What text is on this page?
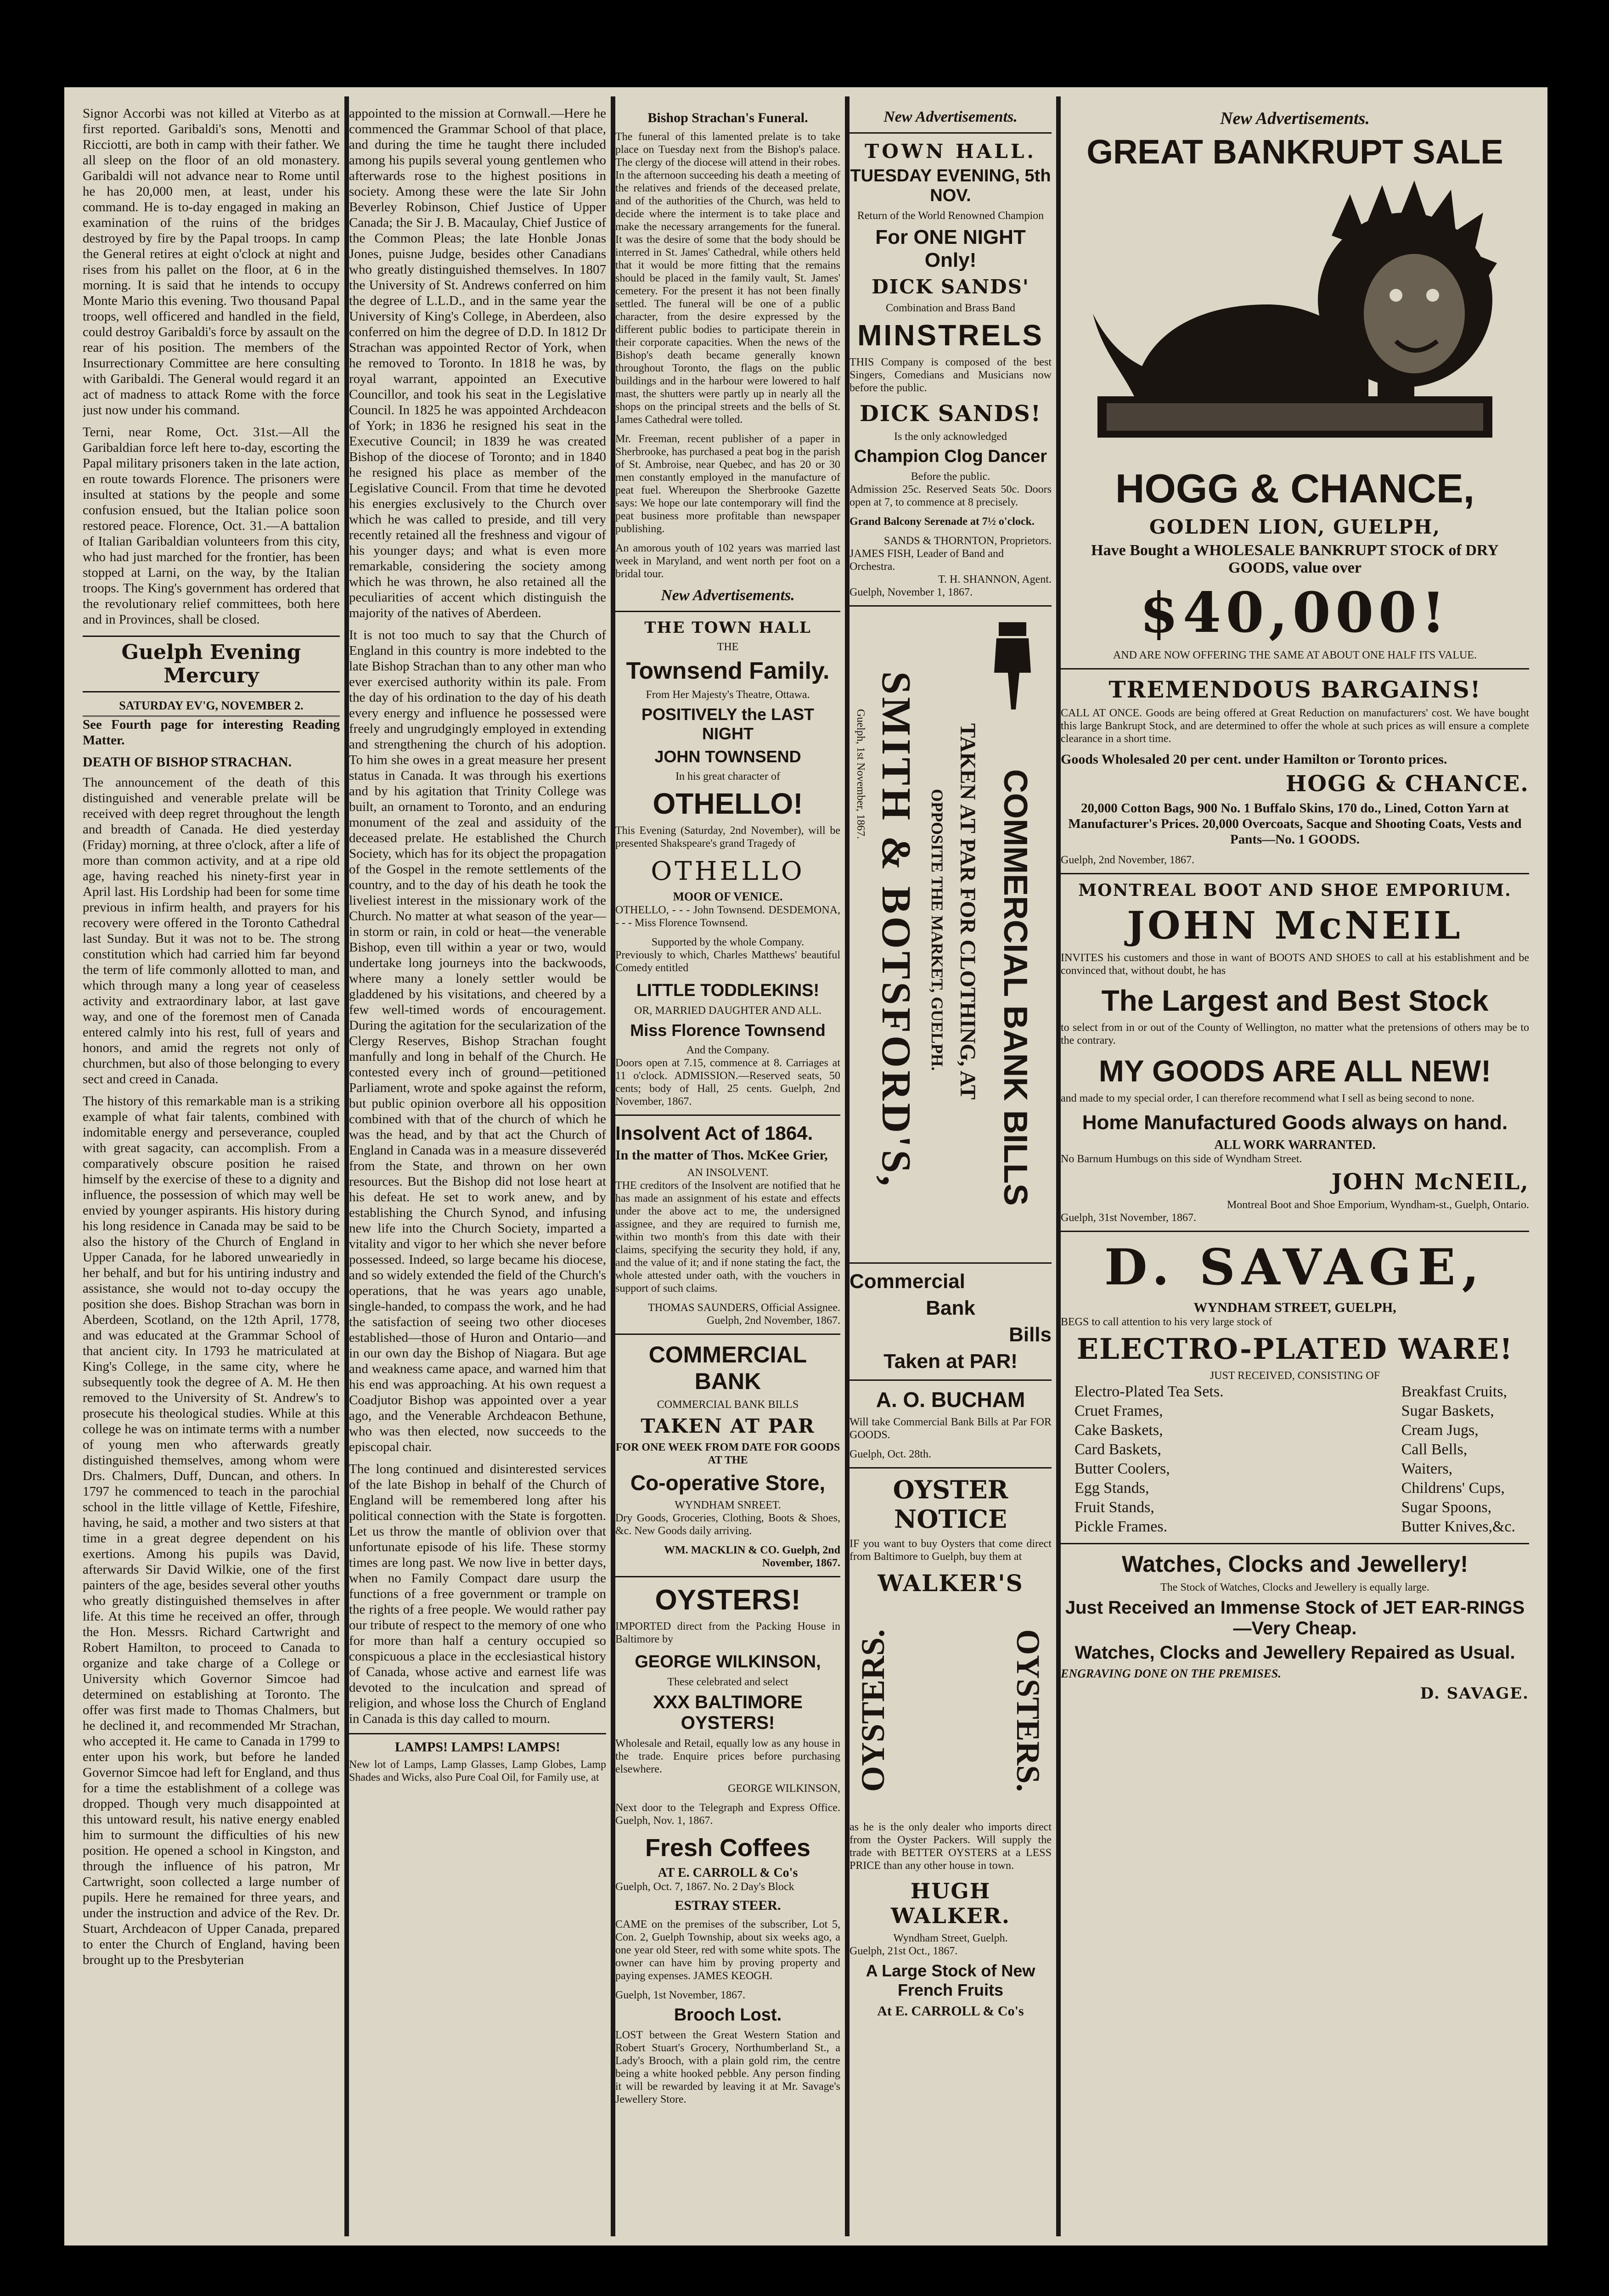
Signor Accorbi was not killed at Viterbo as at first reported. Garibaldi's sons, Menotti and Ricciotti, are both in camp with their father. We all sleep on the floor of an old monastery. Garibaldi will not advance near to Rome until he has 20,000 men, at least, under his command. He is to-day engaged in making an examination of the ruins of the bridges destroyed by fire by the Papal troops. In camp the General retires at eight o'clock at night and rises from his pallet on the floor, at 6 in the morning. It is said that he intends to occupy Monte Mario this evening. Two thousand Papal troops, well officered and handled in the field, could destroy Garibaldi's force by assault on the rear of his position. The members of the Insurrectionary Committee are here consulting with Garibaldi. The General would regard it an act of madness to attack Rome with the force just now under his command.

Terni, near Rome, Oct. 31st.—All the Garibaldian force left here to-day, escorting the Papal military prisoners taken in the late action, en route towards Florence. The prisoners were insulted at stations by the people and some confusion ensued, but the Italian police soon restored peace. Florence, Oct. 31.—A battalion of Italian Garibaldian volunteers from this city, who had just marched for the frontier, has been stopped at Larni, on the way, by the Italian troops. The King's government has ordered that the revolutionary relief committees, both here and in Provinces, shall be closed.

Guelph Evening Mercury
SATURDAY EV'G, NOVEMBER 2.

See Fourth page for interesting Reading Matter.

DEATH OF BISHOP STRACHAN.

The announcement of the death of this distinguished and venerable prelate will be received with deep regret throughout the length and breadth of Canada. He died yesterday (Friday) morning, at three o'clock, after a life of more than common activity, and at a ripe old age, having reached his ninety-first year in April last. His Lordship had been for some time previous in infirm health, and prayers for his recovery were offered in the Toronto Cathedral last Sunday. But it was not to be. The strong constitution which had carried him far beyond the term of life commonly allotted to man, and which through many a long year of ceaseless activity and extraordinary labor, at last gave way, and one of the foremost men of Canada entered calmly into his rest, full of years and honors, and amid the regrets not only of churchmen, but also of those belonging to every sect and creed in Canada.

The history of this remarkable man is a striking example of what fair talents, combined with indomitable energy and perseverance, coupled with great sagacity, can accomplish. From a comparatively obscure position he raised himself by the exercise of these to a dignity and influence, the possession of which may well be envied by younger aspirants. His history during his long residence in Canada may be said to be also the history of the Church of England in Upper Canada, for he labored unweariedly in her behalf, and but for his untiring industry and assistance, she would not to-day occupy the position she does. Bishop Strachan was born in Aberdeen, Scotland, on the 12th April, 1778, and was educated at the Grammar School of that ancient city. In 1793 he matriculated at King's College, in the same city, where he subsequently took the degree of A. M. He then removed to the University of St. Andrew's to prosecute his theological studies. While at this college he was on intimate terms with a number of young men who afterwards greatly distinguished themselves, among whom were Drs. Chalmers, Duff, Duncan, and others. In 1797 he commenced to teach in the parochial school in the little village of Kettle, Fifeshire, having, he said, a mother and two sisters at that time in a great degree dependent on his exertions. Among his pupils was David, afterwards Sir David Wilkie, one of the first painters of the age, besides several other youths who greatly distinguished themselves in after life. At this time he received an offer, through the Hon. Messrs. Richard Cartwright and Robert Hamilton, to proceed to Canada to organize and take charge of a College or University which Governor Simcoe had determined on establishing at Toronto. The offer was first made to Thomas Chalmers, but he declined it, and recommended Mr Strachan, who accepted it. He came to Canada in 1799 to enter upon his work, but before he landed Governor Simcoe had left for England, and thus for a time the establishment of a college was dropped. Though very much disappointed at this untoward result, his native energy enabled him to surmount the difficulties of his new position. He opened a school in Kingston, and through the influence of his patron, Mr Cartwright, soon collected a large number of pupils. Here he remained for three years, and under the instruction and advice of the Rev. Dr. Stuart, Archdeacon of Upper Canada, prepared to enter the Church of England, having been brought up to the Presbyterian

appointed to the mission at Cornwall.—Here he commenced the Grammar School of that place, and during the time he taught there included among his pupils several young gentlemen who afterwards rose to the highest positions in society. Among these were the late Sir John Beverley Robinson, Chief Justice of Upper Canada; the Sir J. B. Macaulay, Chief Justice of the Common Pleas; the late Honble Jonas Jones, puisne Judge, besides other Canadians who greatly distinguished themselves. In 1807 the University of St. Andrews conferred on him the degree of L.L.D., and in the same year the University of King's College, in Aberdeen, also conferred on him the degree of D.D. In 1812 Dr Strachan was appointed Rector of York, when he removed to Toronto. In 1818 he was, by royal warrant, appointed an Executive Councillor, and took his seat in the Legislative Council. In 1825 he was appointed Archdeacon of York; in 1836 he resigned his seat in the Executive Council; in 1839 he was created Bishop of the diocese of Toronto; and in 1840 he resigned his place as member of the Legislative Council. From that time he devoted his energies exclusively to the Church over which he was called to preside, and till very recently retained all the freshness and vigour of his younger days; and what is even more remarkable, considering the society among which he was thrown, he also retained all the peculiarities of accent which distinguish the majority of the natives of Aberdeen.

It is not too much to say that the Church of England in this country is more indebted to the late Bishop Strachan than to any other man who ever exercised authority within its pale. From the day of his ordination to the day of his death every energy and influence he possessed were freely and ungrudgingly employed in extending and strengthening the church of his adoption. To him she owes in a great measure her present status in Canada. It was through his exertions and by his agitation that Trinity College was built, an ornament to Toronto, and an enduring monument of the zeal and assiduity of the deceased prelate. He established the Church Society, which has for its object the propagation of the Gospel in the remote settlements of the country, and to the day of his death he took the liveliest interest in the missionary work of the Church. No matter at what season of the year—in storm or rain, in cold or heat—the venerable Bishop, even till within a year or two, would undertake long journeys into the backwoods, where many a lonely settler would be gladdened by his visitations, and cheered by a few well-timed words of encouragement. During the agitation for the secularization of the Clergy Reserves, Bishop Strachan fought manfully and long in behalf of the Church. He contested every inch of ground—petitioned Parliament, wrote and spoke against the reform, but public opinion overbore all his opposition combined with that of the church of which he was the head, and by that act the Church of England in Canada was in a measure disseveréd from the State, and thrown on her own resources. But the Bishop did not lose heart at his defeat. He set to work anew, and by establishing the Church Synod, and infusing new life into the Church Society, imparted a vitality and vigor to her which she never before possessed. Indeed, so large became his diocese, and so widely extended the field of the Church's operations, that he was years ago unable, single-handed, to compass the work, and he had the satisfaction of seeing two other dioceses established—those of Huron and Ontario—and in our own day the Bishop of Niagara. But age and weakness came apace, and warned him that his end was approaching. At his own request a Coadjutor Bishop was appointed over a year ago, and the Venerable Archdeacon Bethune, who was then elected, now succeeds to the episcopal chair.

The long continued and disinterested services of the late Bishop in behalf of the Church of England will be remembered long after his political connection with the State is forgotten. Let us throw the mantle of oblivion over that unfortunate episode of his life. These stormy times are long past. We now live in better days, when no Family Compact dare usurp the functions of a free government or trample on the rights of a free people. We would rather pay our tribute of respect to the memory of one who for more than half a century occupied so conspicuous a place in the ecclesiastical history of Canada, whose active and earnest life was devoted to the inculcation and spread of religion, and whose loss the Church of England in Canada is this day called to mourn.

LAMPS! LAMPS! LAMPS!

New lot of Lamps, Lamp Glasses, Lamp Globes, Lamp Shades and Wicks, also Pure Coal Oil, for Family use, at

Bishop Strachan's Funeral.

The funeral of this lamented prelate is to take place on Tuesday next from the Bishop's palace. The clergy of the diocese will attend in their robes. In the afternoon succeeding his death a meeting of the relatives and friends of the deceased prelate, and of the authorities of the Church, was held to decide where the interment is to take place and make the necessary arrangements for the funeral. It was the desire of some that the body should be interred in St. James' Cathedral, while others held that it would be more fitting that the remains should be placed in the family vault, St. James' cemetery. For the present it has not been finally settled. The funeral will be one of a public character, from the desire expressed by the different public bodies to participate therein in their corporate capacities. When the news of the Bishop's death became generally known throughout Toronto, the flags on the public buildings and in the harbour were lowered to half mast, the shutters were partly up in nearly all the shops on the principal streets and the bells of St. James Cathedral were tolled.

Mr. Freeman, recent publisher of a paper in Sherbrooke, has purchased a peat bog in the parish of St. Ambroise, near Quebec, and has 20 or 30 men constantly employed in the manufacture of peat fuel. Whereupon the Sherbrooke Gazette says: We hope our late contemporary will find the peat business more profitable than newspaper publishing.

An amorous youth of 102 years was married last week in Maryland, and went north per foot on a bridal tour.

New Advertisements.
THE TOWN HALL
THE
Townsend Family.
From Her Majesty's Theatre, Ottawa.
POSITIVELY the LAST NIGHT
JOHN TOWNSEND
In his great character of
OTHELLO!

This Evening (Saturday, 2nd November), will be presented Shakspeare's grand Tragedy of

OTHELLO
MOOR OF VENICE.

OTHELLO, - - - John Townsend. DESDEMONA, - - - Miss Florence Townsend.

Supported by the whole Company.

Previously to which, Charles Matthews' beautiful Comedy entitled

LITTLE TODDLEKINS!
OR, MARRIED DAUGHTER AND ALL.
Miss Florence Townsend
And the Company.

Doors open at 7.15, commence at 8. Carriages at 11 o'clock. ADMISSION.—Reserved seats, 50 cents; body of Hall, 25 cents. Guelph, 2nd November, 1867.

Insolvent Act of 1864.
In the matter of Thos. McKee Grier,
AN INSOLVENT.

THE creditors of the Insolvent are notified that he has made an assignment of his estate and effects under the above act to me, the undersigned assignee, and they are required to furnish me, within two month's from this date with their claims, specifying the security they hold, if any, and the value of it; and if none stating the fact, the whole attested under oath, with the vouchers in support of such claims.

THOMAS SAUNDERS, Official Assignee. Guelph, 2nd November, 1867.

COMMERCIAL BANK
COMMERCIAL BANK BILLS
TAKEN AT PAR
FOR ONE WEEK FROM DATE FOR GOODS AT THE
Co-operative Store,
WYNDHAM SNREET.

Dry Goods, Groceries, Clothing, Boots & Shoes, &c. New Goods daily arriving.

WM. MACKLIN & CO. Guelph, 2nd November, 1867.

OYSTERS!

IMPORTED direct from the Packing House in Baltimore by

GEORGE WILKINSON,
These celebrated and select
XXX BALTIMORE OYSTERS!

Wholesale and Retail, equally low as any house in the trade. Enquire prices before purchasing elsewhere.

GEORGE WILKINSON,

Next door to the Telegraph and Express Office. Guelph, Nov. 1, 1867.

Fresh Coffees
AT E. CARROLL & Co's
Guelph, Oct. 7, 1867. No. 2 Day's Block
ESTRAY STEER.

CAME on the premises of the subscriber, Lot 5, Con. 2, Guelph Township, about six weeks ago, a one year old Steer, red with some white spots. The owner can have him by proving property and paying expenses. JAMES KEOGH.

Guelph, 1st November, 1867.
Brooch Lost.

LOST between the Great Western Station and Robert Stuart's Grocery, Northumberland St., a Lady's Brooch, with a plain gold rim, the centre being a white hooked pebble. Any person finding it will be rewarded by leaving it at Mr. Savage's Jewellery Store.

New Advertisements.
TOWN HALL.
TUESDAY EVENING, 5th NOV.
Return of the World Renowned Champion
For ONE NIGHT Only!
DICK SANDS'
Combination and Brass Band
MINSTRELS

THIS Company is composed of the best Singers, Comedians and Musicians now before the public.

DICK SANDS!
Is the only acknowledged
Champion Clog Dancer
Before the public.

Admission 25c. Reserved Seats 50c. Doors open at 7, to commence at 8 precisely.

Grand Balcony Serenade at 7½ o'clock.

SANDS & THORNTON, Proprietors.
JAMES FISH, Leader of Band and Orchestra.
T. H. SHANNON, Agent.
Guelph, November 1, 1867.
Guelph, 1st November, 1867. SMITH & BOTSFORD'S, OPPOSITE THE MARKET, GUELPH. TAKEN AT PAR FOR CLOTHING, AT COMMERCIAL BANK BILLS
Commercial
Bank
Bills
Taken at PAR!
A. O. BUCHAM

Will take Commercial Bank Bills at Par FOR GOODS.

Guelph, Oct. 28th.
OYSTER NOTICE

IF you want to buy Oysters that come direct from Baltimore to Guelph, buy them at

WALKER'S
OYSTERS.	OYSTERS.

as he is the only dealer who imports direct from the Oyster Packers. Will supply the trade with BETTER OYSTERS at a LESS PRICE than any other house in town.

HUGH WALKER.
Wyndham Street, Guelph.
Guelph, 21st Oct., 1867.
A Large Stock of New French Fruits
At E. CARROLL & Co's
New Advertisements.
GREAT BANKRUPT SALE
HOGG & CHANCE,
GOLDEN LION, GUELPH,
Have Bought a WHOLESALE BANKRUPT STOCK of DRY GOODS, value over
$40,000!
AND ARE NOW OFFERING THE SAME AT ABOUT ONE HALF ITS VALUE.
TREMENDOUS BARGAINS!

CALL AT ONCE. Goods are being offered at Great Reduction on manufacturers' cost. We have bought this large Bankrupt Stock, and are determined to offer the whole at such prices as will ensure a complete clearance in a short time.

Goods Wholesaled 20 per cent. under Hamilton or Toronto prices.
HOGG & CHANCE.

20,000 Cotton Bags, 900 No. 1 Buffalo Skins, 170 do., Lined, Cotton Yarn at Manufacturer's Prices. 20,000 Overcoats, Sacque and Shooting Coats, Vests and Pants—No. 1 GOODS.

Guelph, 2nd November, 1867.
MONTREAL BOOT AND SHOE EMPORIUM.
JOHN McNEIL

INVITES his customers and those in want of BOOTS AND SHOES to call at his establishment and be convinced that, without doubt, he has

The Largest and Best Stock

to select from in or out of the County of Wellington, no matter what the pretensions of others may be to the contrary.

MY GOODS ARE ALL NEW!

and made to my special order, I can therefore recommend what I sell as being second to none.

Home Manufactured Goods always on hand.
ALL WORK WARRANTED.
No Barnum Humbugs on this side of Wyndham Street.
JOHN McNEIL,
Montreal Boot and Shoe Emporium, Wyndham-st., Guelph, Ontario.
Guelph, 31st November, 1867.
D. SAVAGE,
WYNDHAM STREET, GUELPH,
BEGS to call attention to his very large stock of
ELECTRO-PLATED WARE!
JUST RECEIVED, CONSISTING OF
Electro-Plated Tea Sets.
Cruet Frames,
Cake Baskets,
Card Baskets,
Butter Coolers,
Egg Stands,
Fruit Stands,
Pickle Frames.
Breakfast Cruits,
Sugar Baskets,
Cream Jugs,
Call Bells,
Waiters,
Childrens' Cups,
Sugar Spoons,
Butter Knives,&c.
Watches, Clocks and Jewellery!
The Stock of Watches, Clocks and Jewellery is equally large.
Just Received an Immense Stock of JET EAR-RINGS—Very Cheap.
Watches, Clocks and Jewellery Repaired as Usual.
ENGRAVING DONE ON THE PREMISES.
D. SAVAGE.
